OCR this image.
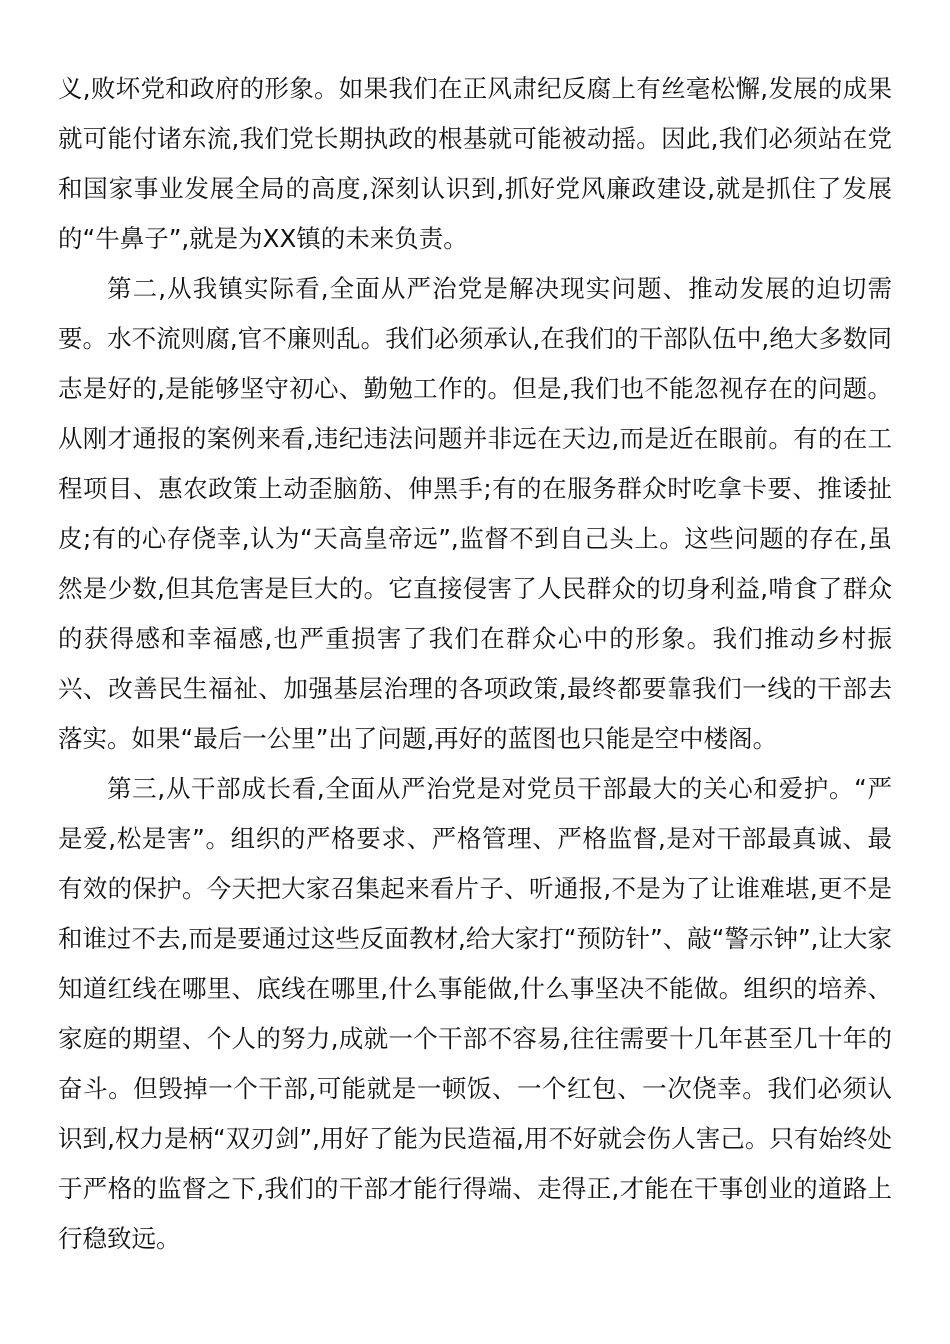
义,败坏党和政府的形象。如果我们在正风肃纪反腐上有丝毫松懈,发展的成果就可能付诸东流,我们党长期执政的根基就可能被动摇。因此,我们必须站在党和国家事业发展全局的高度,深刻认识到,抓好党风廉政建设,就是抓住了发展的“牛鼻子”,就是为XX镇的未来负责。

第二,从我镇实际看,全面从严治党是解决现实问题、推动发展的迫切需要。水不流则腐,官不廉则乱。我们必须承认,在我们的干部队伍中,绝大多数同志是好的,是能够坚守初心、勤勉工作的。但是,我们也不能忽视存在的问题。从刚才通报的案例来看,违纪违法问题并非远在天边,而是近在眼前。有的在工程项目、惠农政策上动歪脑筋、伸黑手;有的在服务群众时吃拿卡要、推诿扯皮;有的心存侥幸,认为“天高皇帝远”,监督不到自己头上。这些问题的存在,虽然是少数,但其危害是巨大的。它直接侵害了人民群众的切身利益,啃食了群众的获得感和幸福感,也严重损害了我们在群众心中的形象。我们推动乡村振兴、改善民生福祉、加强基层治理的各项政策,最终都要靠我们一线的干部去落实。如果“最后一公里”出了问题,再好的蓝图也只能是空中楼阁。

第三,从干部成长看,全面从严治党是对党员干部最大的关心和爱护。“严是爱,松是害”。组织的严格要求、严格管理、严格监督,是对干部最真诚、最有效的保护。今天把大家召集起来看片子、听通报,不是为了让谁难堪,更不是和谁过不去,而是要通过这些反面教材,给大家打“预防针”、敲“警示钟”,让大家知道红线在哪里、底线在哪里,什么事能做,什么事坚决不能做。组织的培养、家庭的期望、个人的努力,成就一个干部不容易,往往需要十几年甚至几十年的奋斗。但毁掉一个干部,可能就是一顿饭、一个红包、一次侥幸。我们必须认识到,权力是柄“双刃剑”,用好了能为民造福,用不好就会伤人害己。只有始终处于严格的监督之下,我们的干部才能行得端、走得正,才能在干事创业的道路上行稳致远。
